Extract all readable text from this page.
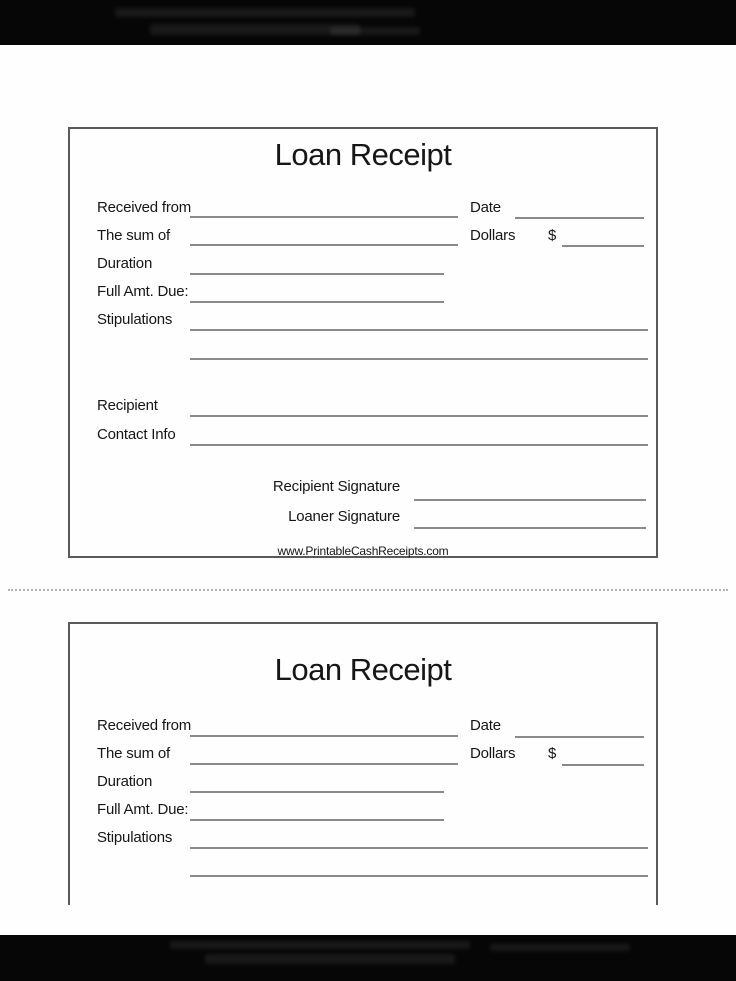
Loan Receipt
Received from	Date
The sum of	Dollars $
Duration
Full Amt. Due:
Stipulations
Recipient
Contact Info
Recipient Signature
Loaner Signature
www.PrintableCashReceipts.com
Loan Receipt
Received from	Date
The sum of	Dollars $
Duration
Full Amt. Due:
Stipulations
